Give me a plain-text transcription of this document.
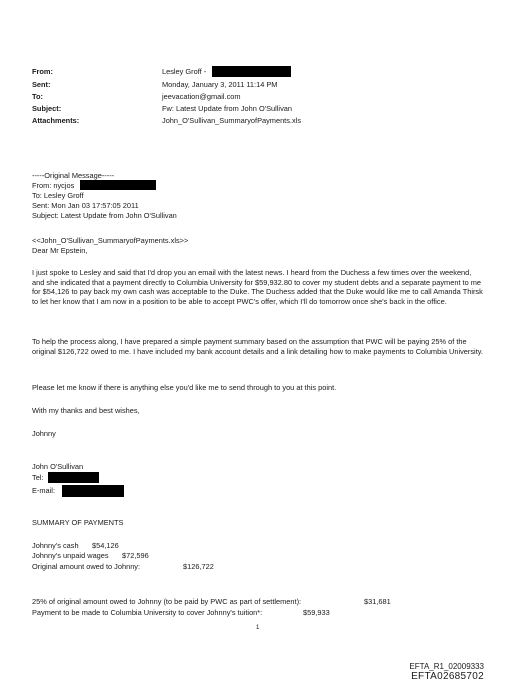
From:	Lesley Groff -
Sent:	Monday, January 3, 2011 11:14 PM
To:	jeevacation@gmail.com
Subject:	Fw: Latest Update from John O'Sullivan
Attachments:	John_O'Sullivan_SummaryofPayments.xls
-----Original Message-----
From: nycjos
To: Lesley Groff
Sent: Mon Jan 03 17:57:05 2011
Subject: Latest Update from John O'Sullivan
<<John_O'Sullivan_SummaryofPayments.xls>>
Dear Mr Epstein,

I just spoke to Lesley and said that I'd drop you an email with the latest news. I heard from the Duchess a few times over the weekend, and she indicated that a payment directly to Columbia University for $59,932.80 to cover my student debts and a separate payment to me for $54,126 to pay back my own cash was acceptable to the Duke. The Duchess added that the Duke would like me to call Amanda Thirsk to let her know that I am now in a position to be able to accept PWC's offer, which I'll do tomorrow once she's back in the office.

To help the process along, I have prepared a simple payment summary based on the assumption that PWC will be paying 25% of the original $126,722 owed to me. I have included my bank account details and a link detailing how to make payments to Columbia University.

Please let me know if there is anything else you'd like me to send through to you at this point.

With my thanks and best wishes,
Johnny
John O'Sullivan
Tel:
E-mail:
SUMMARY OF PAYMENTS
Johnny's cash $54,126
Johnny's unpaid wages $72,596
Original amount owed to Johnny:	$126,722
25% of original amount owed to Johnny (to be paid by PWC as part of settlement):	$31,681
Payment to be made to Columbia University to cover Johnny's tuition*:	$59,933
1
EFTA_R1_02009333
EFTA02685702
